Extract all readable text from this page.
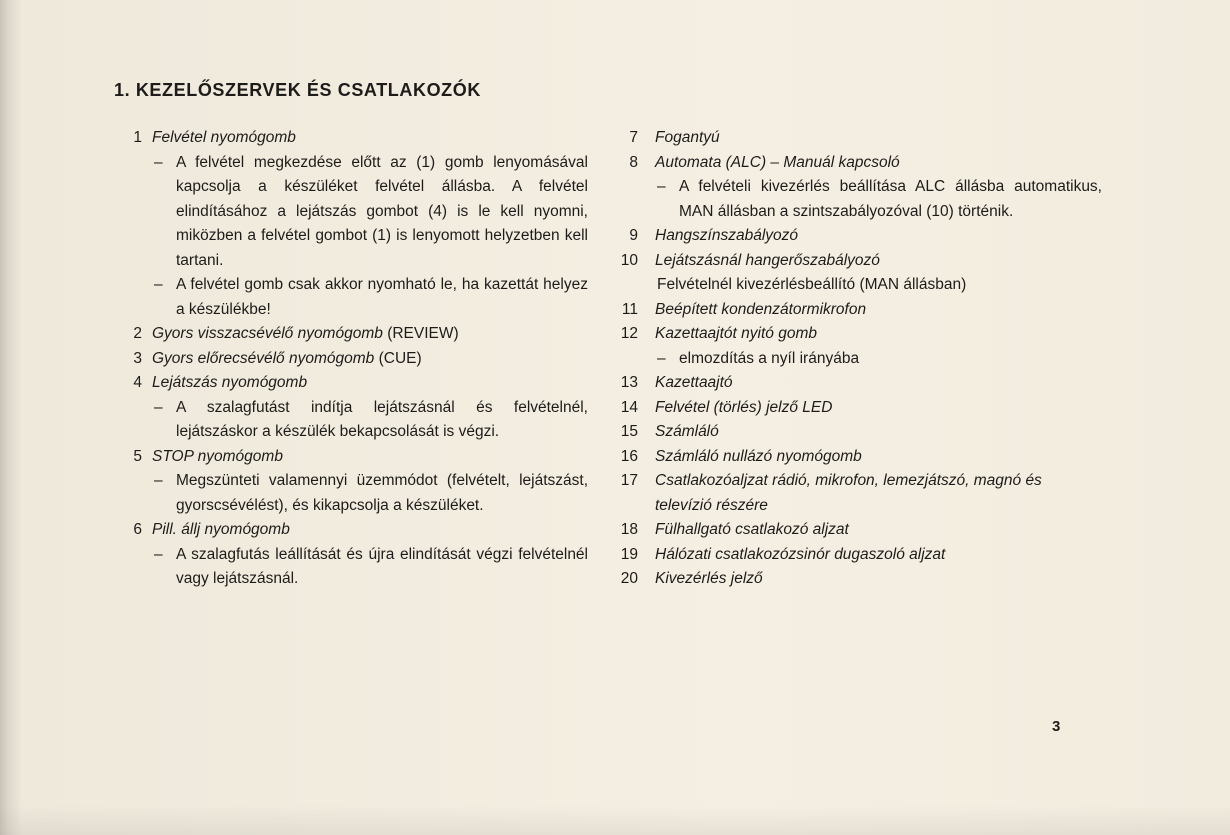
1. KEZELŐSZERVEK ÉS CSATLAKOZÓK
1 Felvétel nyomógomb
– A felvétel megkezdése előtt az (1) gomb lenyomásával kapcsolja a készüléket felvétel állásba. A felvétel elindításához a lejátszás gombot (4) is le kell nyomni, miközben a felvétel gombot (1) is lenyomott helyzetben kell tartani.
– A felvétel gomb csak akkor nyomható le, ha kazettát helyez a készülékbe!
2 Gyors visszacsévélő nyomógomb (REVIEW)
3 Gyors előrecsévélő nyomógomb (CUE)
4 Lejátszás nyomógomb
– A szalagfutást indítja lejátszásnál és felvételnél, lejátszáskor a készülék bekapcsolását is végzi.
5 STOP nyomógomb
– Megszünteti valamennyi üzemmódot (felvételt, lejátszást, gyorscsévélést), és kikapcsolja a készüléket.
6 Pill. állj nyomógomb
– A szalagfutás leállítását és újra elindítását végzi felvételnél vagy lejátszásnál.
7 Fogantyú
8 Automata (ALC) – Manuál kapcsoló
– A felvételi kivezérlés beállítása ALC állásba automatikus, MAN állásban a szintszabályozóval (10) történik.
9 Hangszínszabályozó
10 Lejátszásnál hangerőszabályozó
Felvételnél kivezérlésbeállító (MAN állásban)
11 Beépített kondenzátormikrofon
12 Kazettaajtót nyitó gomb
– elmozdítás a nyíl irányába
13 Kazettaajtó
14 Felvétel (törlés) jelző LED
15 Számláló
16 Számláló nullázó nyomógomb
17 Csatlakozóaljzat rádió, mikrofon, lemezjátszó, magnó és televízió részére
18 Fülhallgató csatlakozó aljzat
19 Hálózati csatlakozózsinór dugaszoló aljzat
20 Kivezérlés jelző
3
